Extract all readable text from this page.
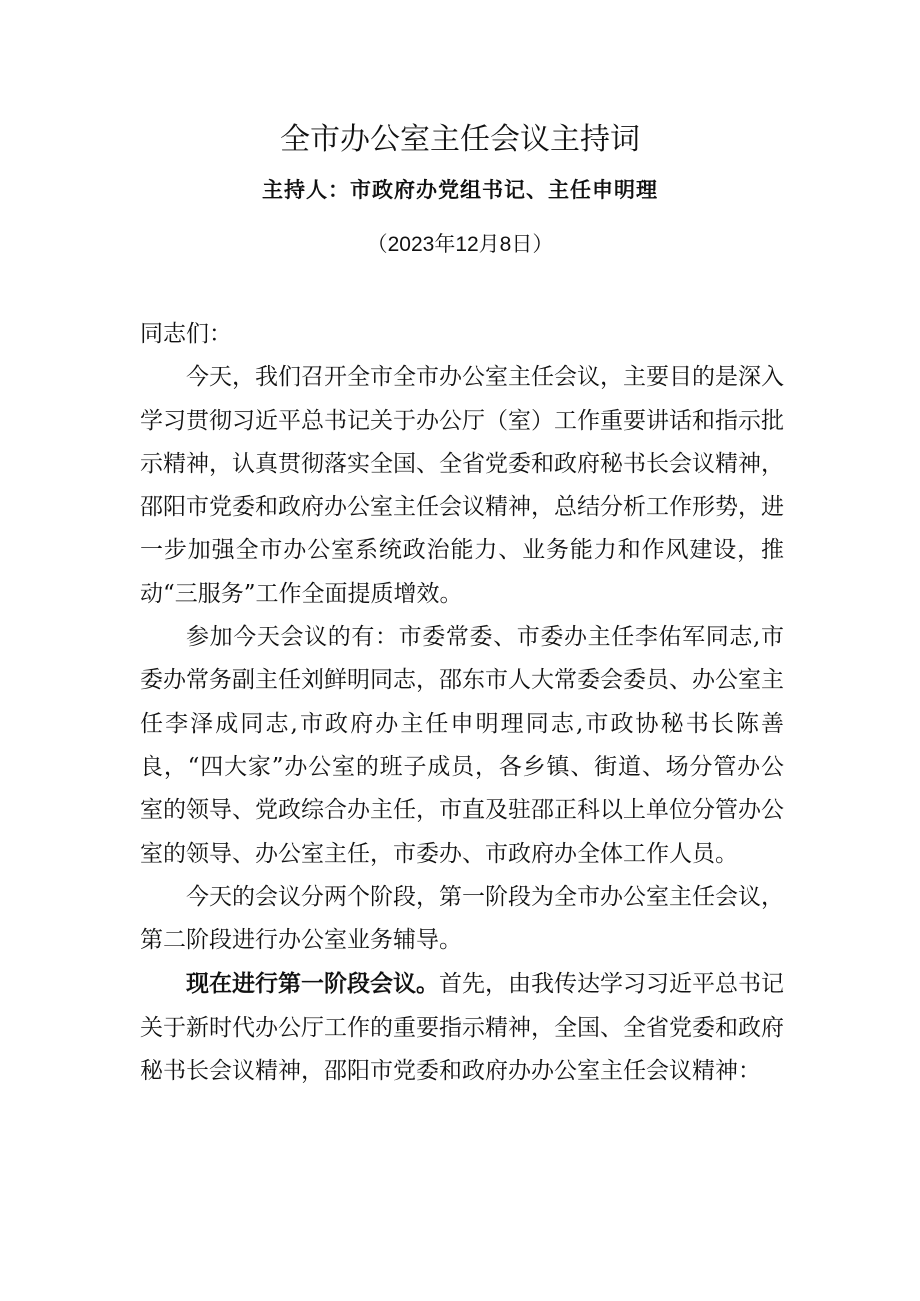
全市办公室主任会议主持词
主持人：市政府办党组书记、主任申明理
（2023年12月8日）

同志们：

今天，我们召开全市全市办公室主任会议，主要目的是深入学习贯彻习近平总书记关于办公厅（室）工作重要讲话和指示批示精神，认真贯彻落实全国、全省党委和政府秘书长会议精神，邵阳市党委和政府办公室主任会议精神，总结分析工作形势，进一步加强全市办公室系统政治能力、业务能力和作风建设，推动“三服务”工作全面提质增效。

参加今天会议的有：市委常委、市委办主任李佑军同志,市委办常务副主任刘鲜明同志，邵东市人大常委会委员、办公室主任李泽成同志,市政府办主任申明理同志,市政协秘书长陈善良，“四大家”办公室的班子成员，各乡镇、街道、场分管办公室的领导、党政综合办主任，市直及驻邵正科以上单位分管办公室的领导、办公室主任，市委办、市政府办全体工作人员。

今天的会议分两个阶段，第一阶段为全市办公室主任会议，第二阶段进行办公室业务辅导。

现在进行第一阶段会议。首先，由我传达学习习近平总书记关于新时代办公厅工作的重要指示精神，全国、全省党委和政府秘书长会议精神，邵阳市党委和政府办办公室主任会议精神：
